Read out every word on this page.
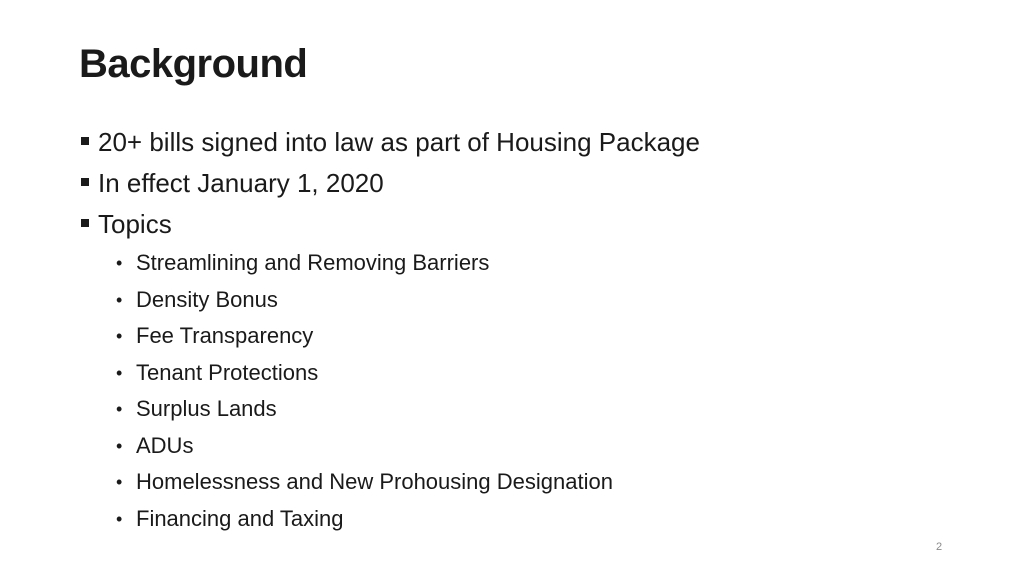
Background
20+ bills signed into law as part of Housing Package
In effect January 1, 2020
Topics
• Streamlining and Removing Barriers
• Density Bonus
• Fee Transparency
• Tenant Protections
• Surplus Lands
• ADUs
• Homelessness and New Prohousing Designation
• Financing and Taxing
2
